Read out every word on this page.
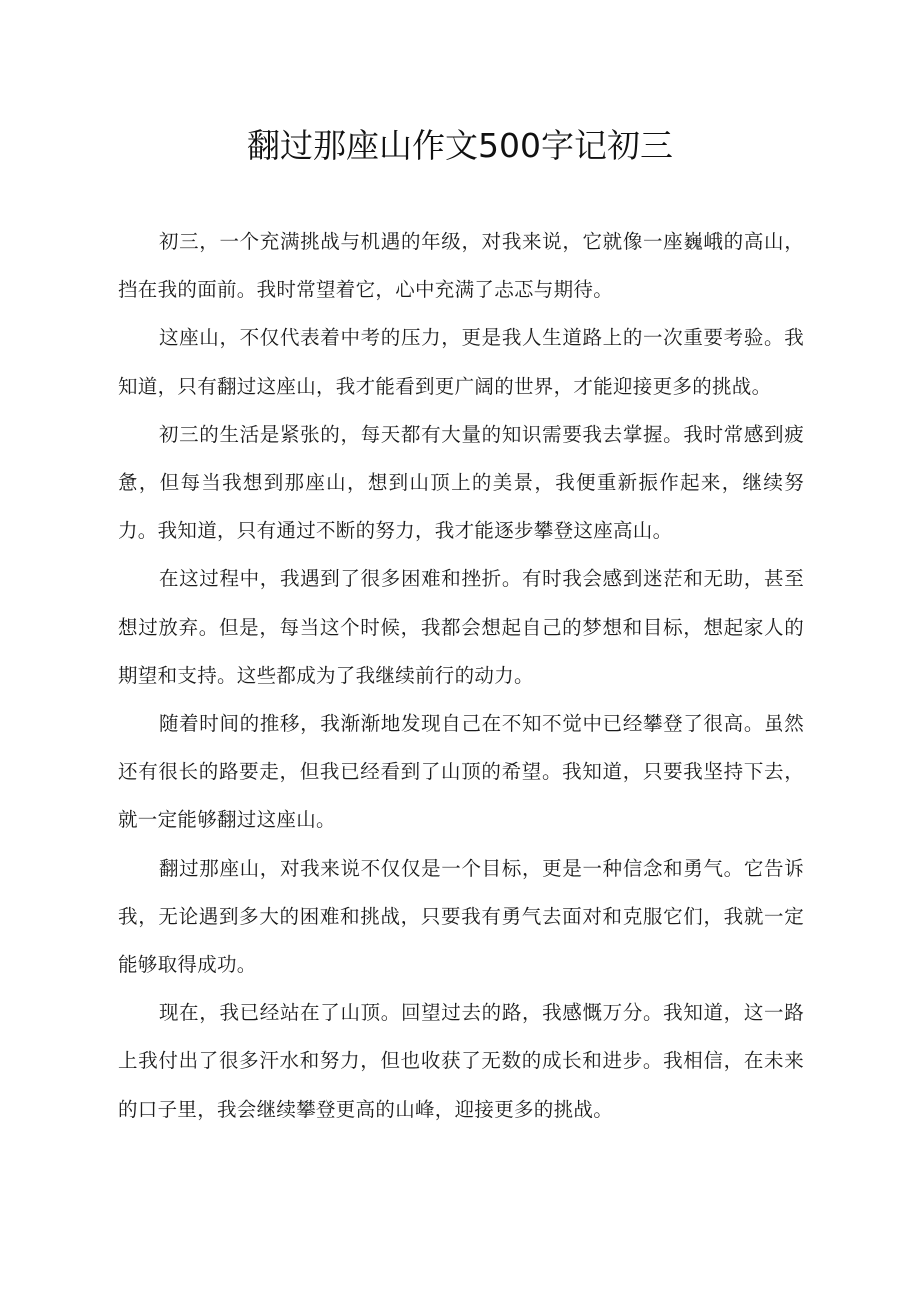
翻过那座山作文500字记初三

初三，一个充满挑战与机遇的年级，对我来说，它就像一座巍峨的高山，挡在我的面前。我时常望着它，心中充满了忐忑与期待。

这座山，不仅代表着中考的压力，更是我人生道路上的一次重要考验。我知道，只有翻过这座山，我才能看到更广阔的世界，才能迎接更多的挑战。

初三的生活是紧张的，每天都有大量的知识需要我去掌握。我时常感到疲惫，但每当我想到那座山，想到山顶上的美景，我便重新振作起来，继续努力。我知道，只有通过不断的努力，我才能逐步攀登这座高山。

在这过程中，我遇到了很多困难和挫折。有时我会感到迷茫和无助，甚至想过放弃。但是，每当这个时候，我都会想起自己的梦想和目标，想起家人的期望和支持。这些都成为了我继续前行的动力。

随着时间的推移，我渐渐地发现自己在不知不觉中已经攀登了很高。虽然还有很长的路要走，但我已经看到了山顶的希望。我知道，只要我坚持下去，就一定能够翻过这座山。

翻过那座山，对我来说不仅仅是一个目标，更是一种信念和勇气。它告诉我，无论遇到多大的困难和挑战，只要我有勇气去面对和克服它们，我就一定能够取得成功。

现在，我已经站在了山顶。回望过去的路，我感慨万分。我知道，这一路上我付出了很多汗水和努力，但也收获了无数的成长和进步。我相信，在未来的口子里，我会继续攀登更高的山峰，迎接更多的挑战。
